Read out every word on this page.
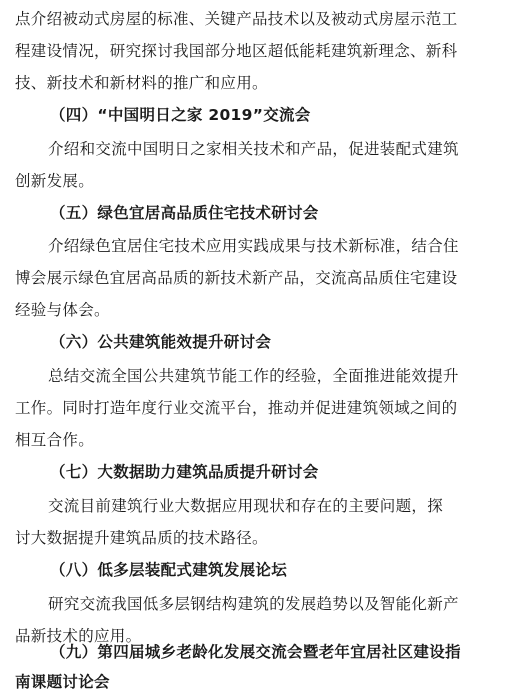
点介绍被动式房屋的标准、关键产品技术以及被动式房屋示范工
程建设情况，研究探讨我国部分地区超低能耗建筑新理念、新科
技、新技术和新材料的推广和应用。
（四）“中国明日之家 2019”交流会
介绍和交流中国明日之家相关技术和产品，促进装配式建筑
创新发展。
（五）绿色宜居高品质住宅技术研讨会
介绍绿色宜居住宅技术应用实践成果与技术新标准，结合住
博会展示绿色宜居高品质的新技术新产品，交流高品质住宅建设
经验与体会。
（六）公共建筑能效提升研讨会
总结交流全国公共建筑节能工作的经验，全面推进能效提升
工作。同时打造年度行业交流平台，推动并促进建筑领域之间的
相互合作。
（七）大数据助力建筑品质提升研讨会
交流目前建筑行业大数据应用现状和存在的主要问题，探
讨大数据提升建筑品质的技术路径。
（八）低多层装配式建筑发展论坛
研究交流我国低多层钢结构建筑的发展趋势以及智能化新产
品新技术的应用。
（九）第四届城乡老龄化发展交流会暨老年宜居社区建设指
南课题讨论会
